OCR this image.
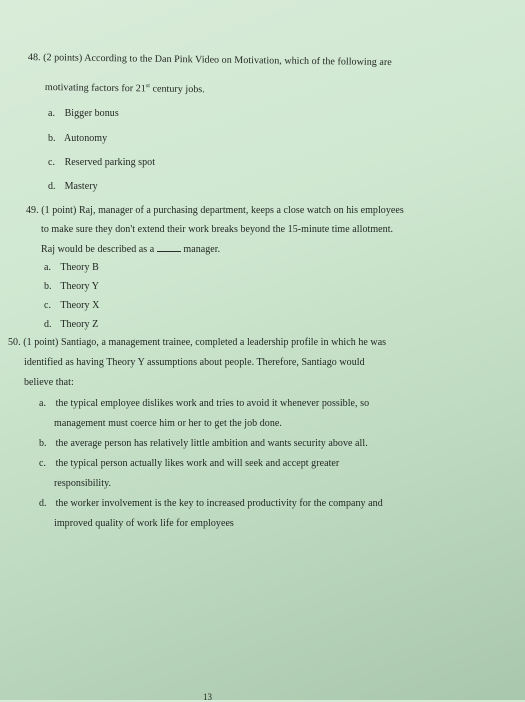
48. (2 points) According to the Dan Pink Video on Motivation, which of the following are
motivating factors for 21st century jobs.
a. Bigger bonus
b. Autonomy
c. Reserved parking spot
d. Mastery
49. (1 point) Raj, manager of a purchasing department, keeps a close watch on his employees
to make sure they don't extend their work breaks beyond the 15-minute time allotment.
Raj would be described as a	manager.
a. Theory B
b. Theory Y
c. Theory X
d. Theory Z
50. (1 point) Santiago, a management trainee, completed a leadership profile in which he was
identified as having Theory Y assumptions about people. Therefore, Santiago would
believe that:
a. the typical employee dislikes work and tries to avoid it whenever possible, so
management must coerce him or her to get the job done.
b. the average person has relatively little ambition and wants security above all.
c. the typical person actually likes work and will seek and accept greater
responsibility.
d. the worker involvement is the key to increased productivity for the company and
improved quality of work life for employees
13
